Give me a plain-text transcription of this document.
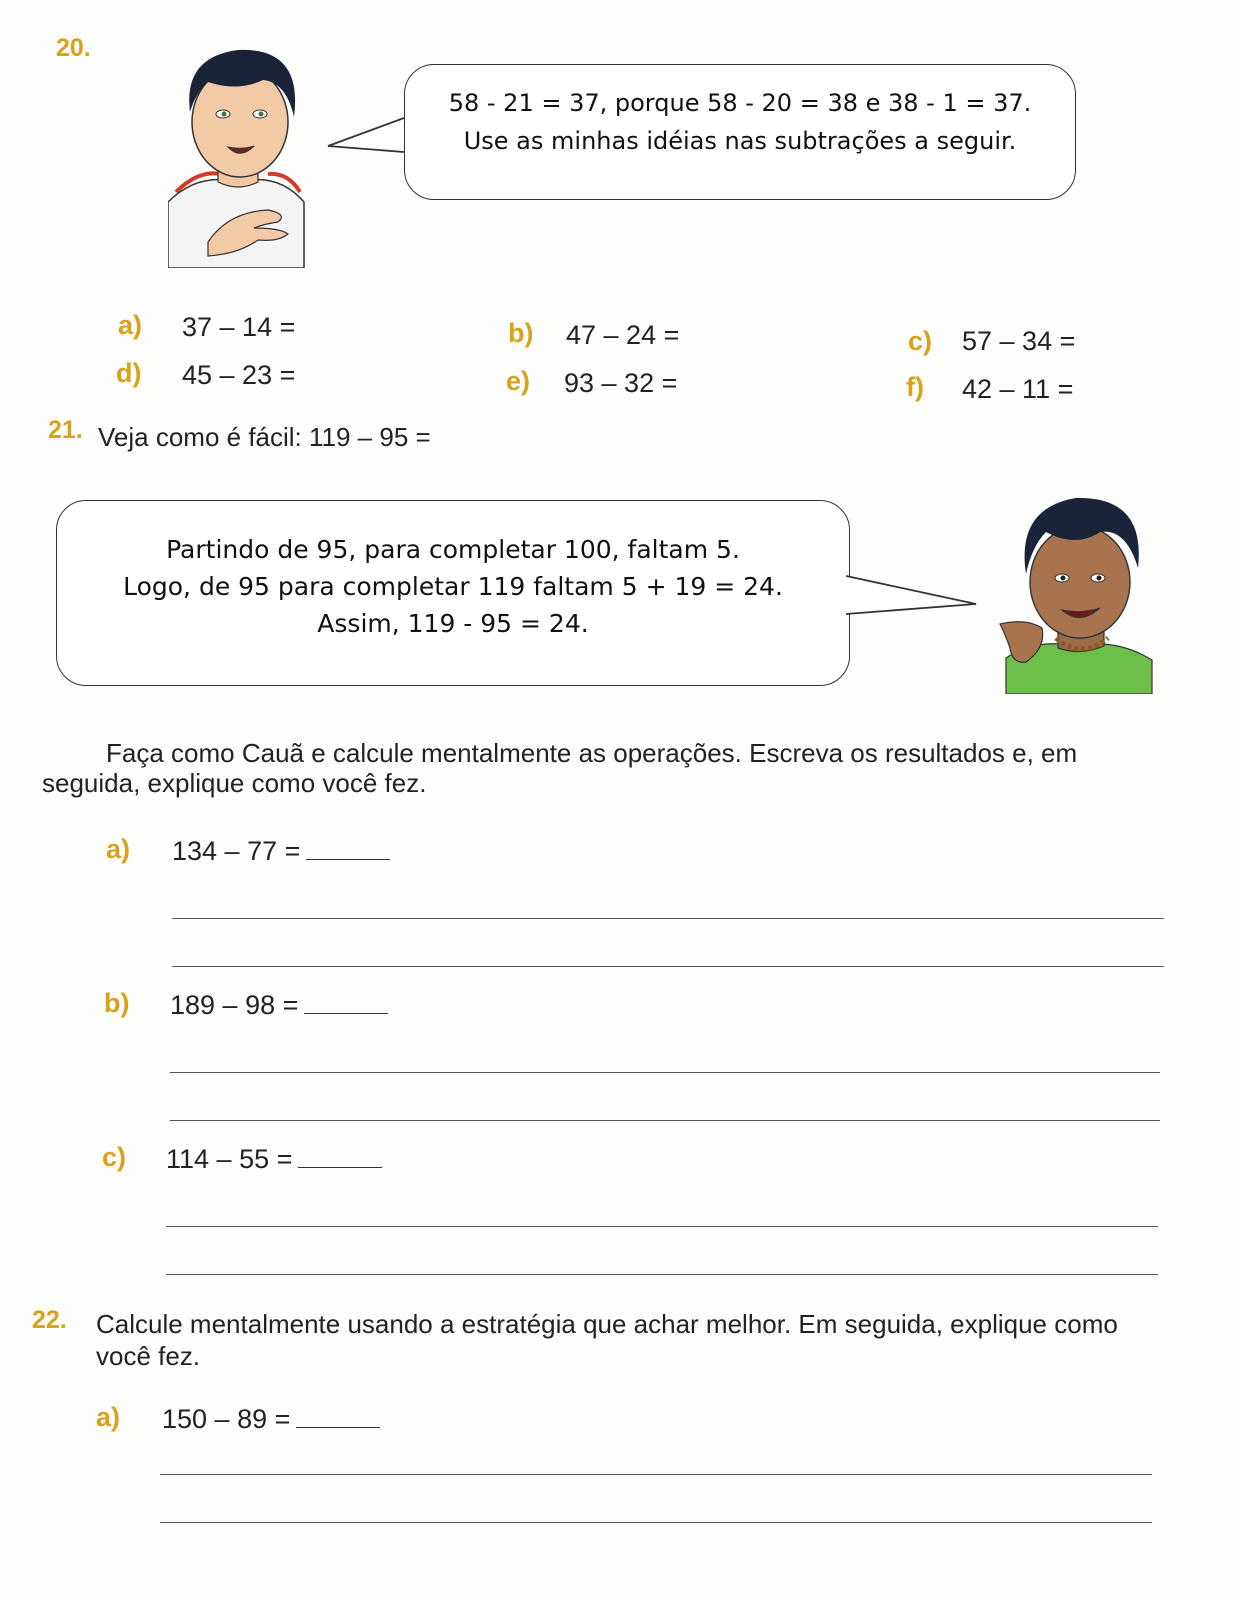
20.

58 - 21 = 37, porque 58 - 20 = 38 e 38 - 1 = 37.

Use as minhas idéias nas subtrações a seguir.

a) 37 – 14 =	b) 47 – 24 =	c) 57 – 34 =
d) 45 – 23 =	e) 93 – 32 =	f) 42 – 11 =
21. Veja como é fácil: 119 – 95 =

Partindo de 95, para completar 100, faltam 5.

Logo, de 95 para completar 119 faltam 5 + 19 = 24.

Assim, 119 - 95 = 24.

Faça como Cauã e calcule mentalmente as operações. Escreva os resultados e, em seguida, explique como você fez.
a) 134 – 77 =
b) 189 – 98 =
c) 114 – 55 =
22. Calcule mentalmente usando a estratégia que achar melhor. Em seguida, explique como você fez.
a) 150 – 89 =
